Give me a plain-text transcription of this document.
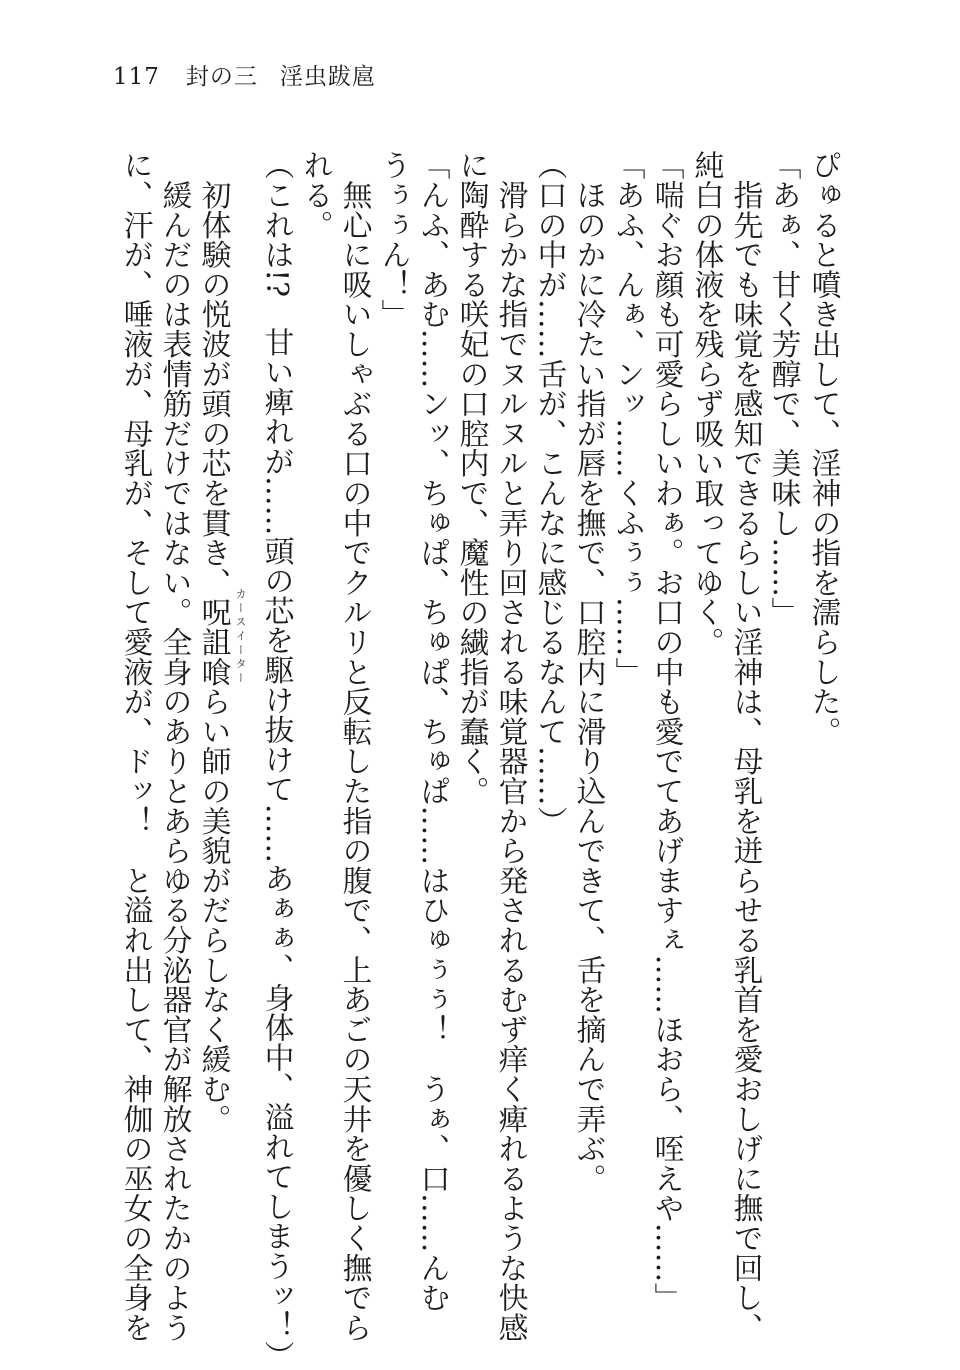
117 封の三 淫虫跋扈
ぴゅると噴き出して、淫神の指を濡らした。
「あぁ、甘く芳醇で、美味し……」
　指先でも味覚を感知できるらしい淫神は、母乳を迸らせる乳首を愛おしげに撫で回し、
純白の体液を残らず吸い取ってゆく。
「喘ぐお顔も可愛らしいわぁ。お口の中も愛でてあげますぇ……ほおら、咥えや……」
「あふ、んぁ、ンッ……くふぅぅ……」
　ほのかに冷たい指が唇を撫で、口腔内に滑り込んできて、舌を摘んで弄ぶ。
（口の中が……舌が、こんなに感じるなんて……）
　滑らかな指でヌルヌルと弄り回される味覚器官から発されるむず痒く痺れるような快感
に陶酔する咲妃の口腔内で、魔性の繊指が蠢く。
「んふ、あむ……ンッ、ちゅぱ、ちゅぱ、ちゅぱ……はひゅぅぅ！　うぁ、口……んむ
うぅぅん！」
　無心に吸いしゃぶる口の中でクルリと反転した指の腹で、上あごの天井を優しく撫でら
れる。
（これは!?　甘い痺れが……頭の芯を駆け抜けて……あぁぁ、身体中、溢れてしまうッ！）
　初体験の悦波が頭の芯を貫き、呪詛喰らい師の美貌がだらしなく緩む。
　緩んだのは表情筋だけではない。全身のありとあらゆる分泌器官が解放されたかのよう
に、汗が、唾液が、母乳が、そして愛液が、ドッ！　と溢れ出して、神伽の巫女の全身を	カースイーター
